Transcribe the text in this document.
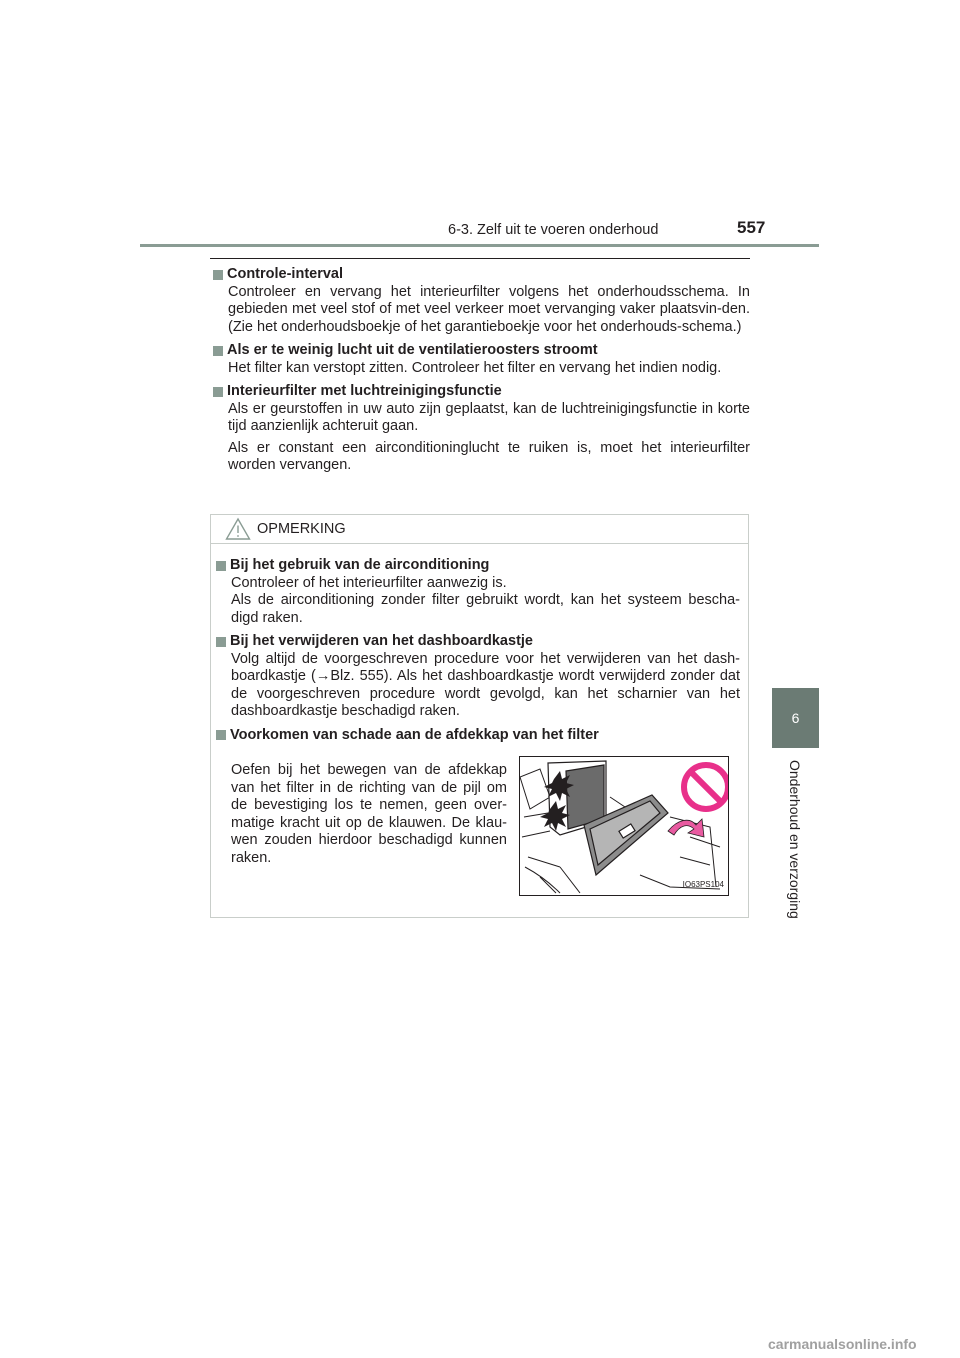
6-3. Zelf uit te voeren onderhoud	557
6
Onderhoud en verzorging
Controle-interval

Controleer en vervang het interieurfilter volgens het onderhoudsschema. In gebieden met veel stof of met veel verkeer moet vervanging vaker plaatsvin-den. (Zie het onderhoudsboekje of het garantieboekje voor het onderhouds-schema.)

Als er te weinig lucht uit de ventilatieroosters stroomt

Het filter kan verstopt zitten. Controleer het filter en vervang het indien nodig.

Interieurfilter met luchtreinigingsfunctie

Als er geurstoffen in uw auto zijn geplaatst, kan de luchtreinigingsfunctie in korte tijd aanzienlijk achteruit gaan.

Als er constant een airconditioninglucht te ruiken is, moet het interieurfilter worden vervangen.

OPMERKING
Bij het gebruik van de airconditioning

Controleer of het interieurfilter aanwezig is.

Als de airconditioning zonder filter gebruikt wordt, kan het systeem bescha-digd raken.

Bij het verwijderen van het dashboardkastje

Volg altijd de voorgeschreven procedure voor het verwijderen van het dash-boardkastje (→Blz. 555). Als het dashboardkastje wordt verwijderd zonder dat de voorgeschreven procedure wordt gevolgd, kan het scharnier van het dashboardkastje beschadigd raken.

Voorkomen van schade aan de afdekkap van het filter
Oefen bij het bewegen van de afdekkap van het filter in de richting van de pijl om de bevestiging los te nemen, geen over-matige kracht uit op de klauwen. De klau-wen zouden hierdoor beschadigd kunnen raken.
IO63PS104
carmanualsonline.info
